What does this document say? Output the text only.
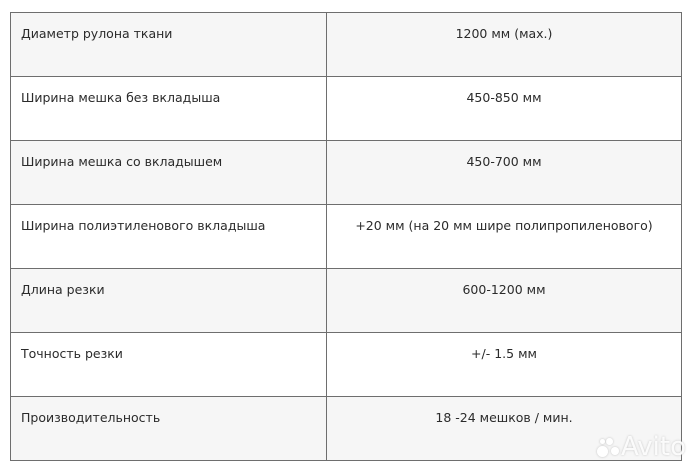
Диаметр рулона ткани	1200 мм (мах.)

Ширина мешка без вкладыша	450-850 мм

Ширина мешка со вкладышем	450-700 мм

Ширина полиэтиленового вкладыша	+20 мм (на 20 мм шире полипропиленового)

Длина резки	600-1200 мм

Точность резки	+/- 1.5 мм

Производительность	18 -24 мешков / мин.
Avito
